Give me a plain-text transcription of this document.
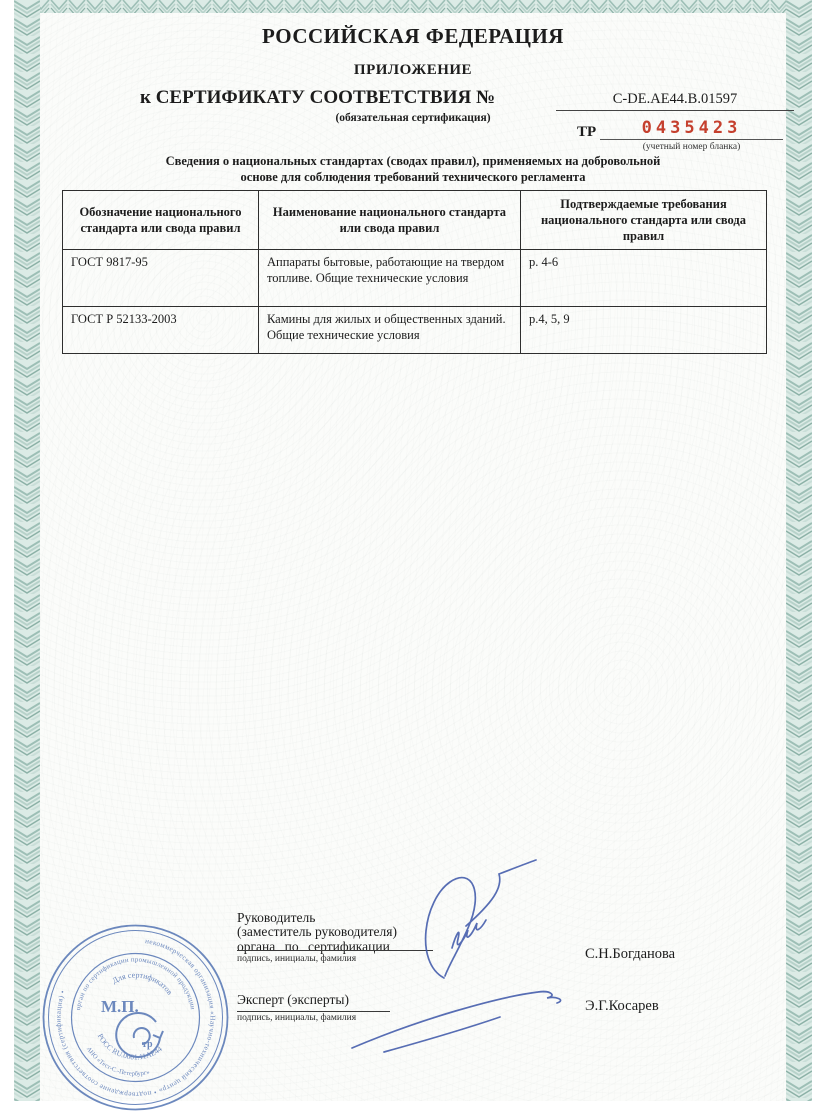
РОССИЙСКАЯ ФЕДЕРАЦИЯ
ПРИЛОЖЕНИЕ
к СЕРТИФИКАТУ СООТВЕТСТВИЯ №	C-DE.AE44.B.01597
(обязательная сертификация)
ТР	0435423
(учетный номер бланка)
Сведения о национальных стандартах (сводах правил), применяемых на добровольной
основе для соблюдения требований технического регламента
Обозначение национального стандарта или свода правил	Наименование национального стандарта или свода правил	Подтверждаемые требования национального стандарта или свода правил
ГОСТ 9817-95	Аппараты бытовые, работающие на твердом топливе. Общие технические условия	р. 4-6
ГОСТ Р 52133-2003	Камины для жилых и общественных зданий. Общие технические условия	р.4, 5, 9
Руководитель
(заместитель руководителя)
органа по сертификации
подпись, инициалы, фамилия	С.Н.Богданова
Эксперт (эксперты)
подпись, инициалы, фамилия
Э.Г.Косарев
некоммерческая организация «Научно-технический центр» • подтверждение соответствия (сертификация) •
орган по сертификации промышленной продукции
Для сертификатов
РОСС RU.0001.11АЕ44
АНО «Тест-С.-Петербург»
М.П.
тр
